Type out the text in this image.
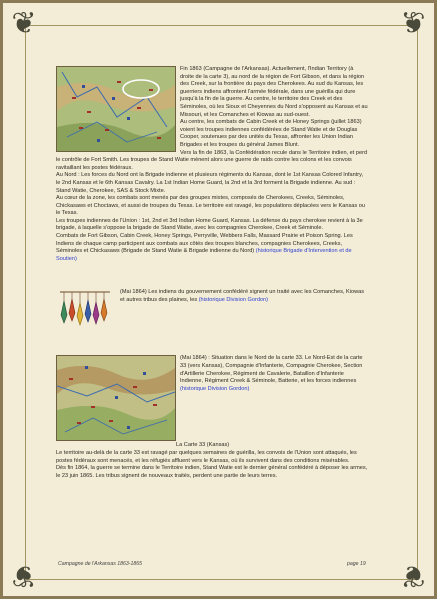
❦	❦
❦	❦

Fin 1863 (Campagne de l'Arkansas). Actuellement, l'Indian Territory (à droite de la carte 3), au nord de la région de Fort Gibson, et dans la région des Creek, sur la frontière du pays des Cherokees. Au sud du Kansas, les guerriers indiens affrontent l'armée fédérale, dans une guérilla qui dure jusqu'à la fin de la guerre. Au centre, le territoire des Creek et des Séminoles, où les Sioux et Cheyennes du Nord s'opposent au Kansas et au Missouri, et les Comanches et Kiowas au sud-ouest.

Au centre, les combats de Cabin Creek et de Honey Springs (juillet 1863) voient les troupes indiennes confédérées de Stand Watie et de Douglas Cooper, soutenues par des unités du Texas, affronter les Union Indian Brigades et les troupes du général James Blunt.

Vers la fin de 1863, la Confédération recule dans le Territoire indien, et perd le contrôle de Fort Smith. Les troupes de Stand Watie mènent alors une guerre de raids contre les colons et les convois ravitaillant les postes fédéraux.

Au Nord : Les forces du Nord ont la Brigade indienne et plusieurs régiments du Kansas, dont le 1st Kansas Colored Infantry, le 2nd Kansas et le 6th Kansas Cavalry. La 1st Indian Home Guard, la 2nd et la 3rd forment la Brigade indienne. Au sud : Stand Watie, Cherokee, SAS & Stock Mixte.

Au cœur de la zone, les combats sont menés par des groupes mixtes, composés de Cherokees, Creeks, Séminoles, Chickasaws et Choctaws, et aussi de troupes du Texas. Le territoire est ravagé, les populations déplacées vers le Kansas ou le Texas.

Les troupes indiennes de l'Union : 1st, 2nd et 3rd Indian Home Guard, Kansas. La défense du pays cherokee revient à la 3e brigade, à laquelle s'oppose la brigade de Stand Watie, avec les compagnies Cherokee, Creek et Séminole.

Combats de Fort Gibson, Cabin Creek, Honey Springs, Perryville, Webbers Falls, Massard Prairie et Poison Spring. Les Indiens de chaque camp participent aux combats aux côtés des troupes blanches, compagnies Cherokees, Creeks, Séminoles et Chickasaws (Brigade de Stand Watie & Brigade indienne du Nord) (historique Brigade d'Intervention et de Soutien)

(Mai 1864) Les indiens du gouvernement confédéré signent un traité avec les Comanches, Kiowas et autres tribus des plaines, les (historique Division Gordon)

(Mai 1864) : Situation dans le Nord de la carte 33. Le Nord-Est de la carte 33 (vers Kansas), Compagnie d'Infanterie, Compagnie Cherokee, Section d'Artillerie Cherokee, Régiment de Cavalerie, Bataillon d'Infanterie Indienne, Régiment Creek & Séminole, Batterie, et les forces indiennes (historique Division Gordon)

La Carte 33 (Kansas)

Le territoire au-delà de la carte 33 est ravagé par quelques semaines de guérilla, les convois de l'Union sont attaqués, les postes fédéraux sont menacés, et les réfugiés affluent vers le Kansas, où ils survivent dans des conditions misérables.

Dès fin 1864, la guerre se termine dans le Territoire indien, Stand Watie est le dernier général confédéré à déposer les armes, le 23 juin 1865. Les tribus signent de nouveaux traités, perdent une partie de leurs terres.

Campagne de l'Arkansas 1863-1865	page 19
